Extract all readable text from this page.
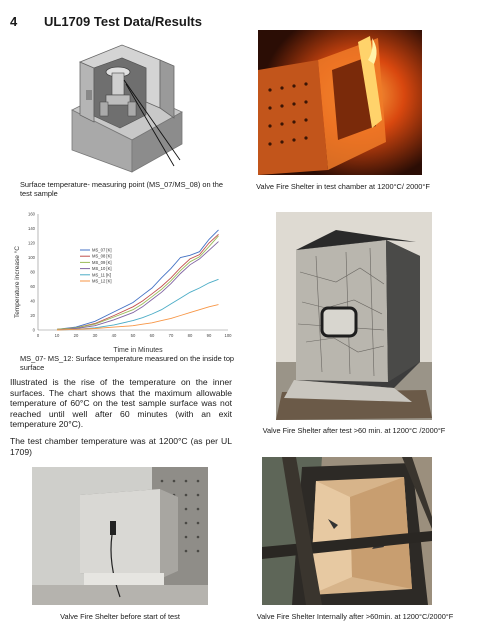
4 UL1709 Test Data/Results
Surface temperature- measuring point (MS_07/MS_08) on the test sample
Valve Fire Shelter in test chamber at 1200°C/ 2000°F
Temperature increase °C
Time in Minutes
0
20
40
60
80
100
120
140
160
0	10	20	30	40	50	60	70	80	90	100
MS_07 [K]
MS_08 [K]
MS_09 [K]
MS_10 [K]
MS_11 [K]
MS_12 [K]
MS_07- MS_12: Surface temperature measured on the inside top surface
Illustrated is the rise of the temperature on the inner surfaces. The chart shows that the maximum allowable temperature of 60°C on the test sample surface was not reached until well after 60 minutes (with an exit temperature 20°C).
The test chamber temperature was at 1200°C (as per UL 1709)
Valve Fire Shelter after test >60 min. at 1200°C /2000°F
Valve Fire Shelter before start of test	Valve Fire Shelter Internally after >60min. at 1200°C/2000°F
